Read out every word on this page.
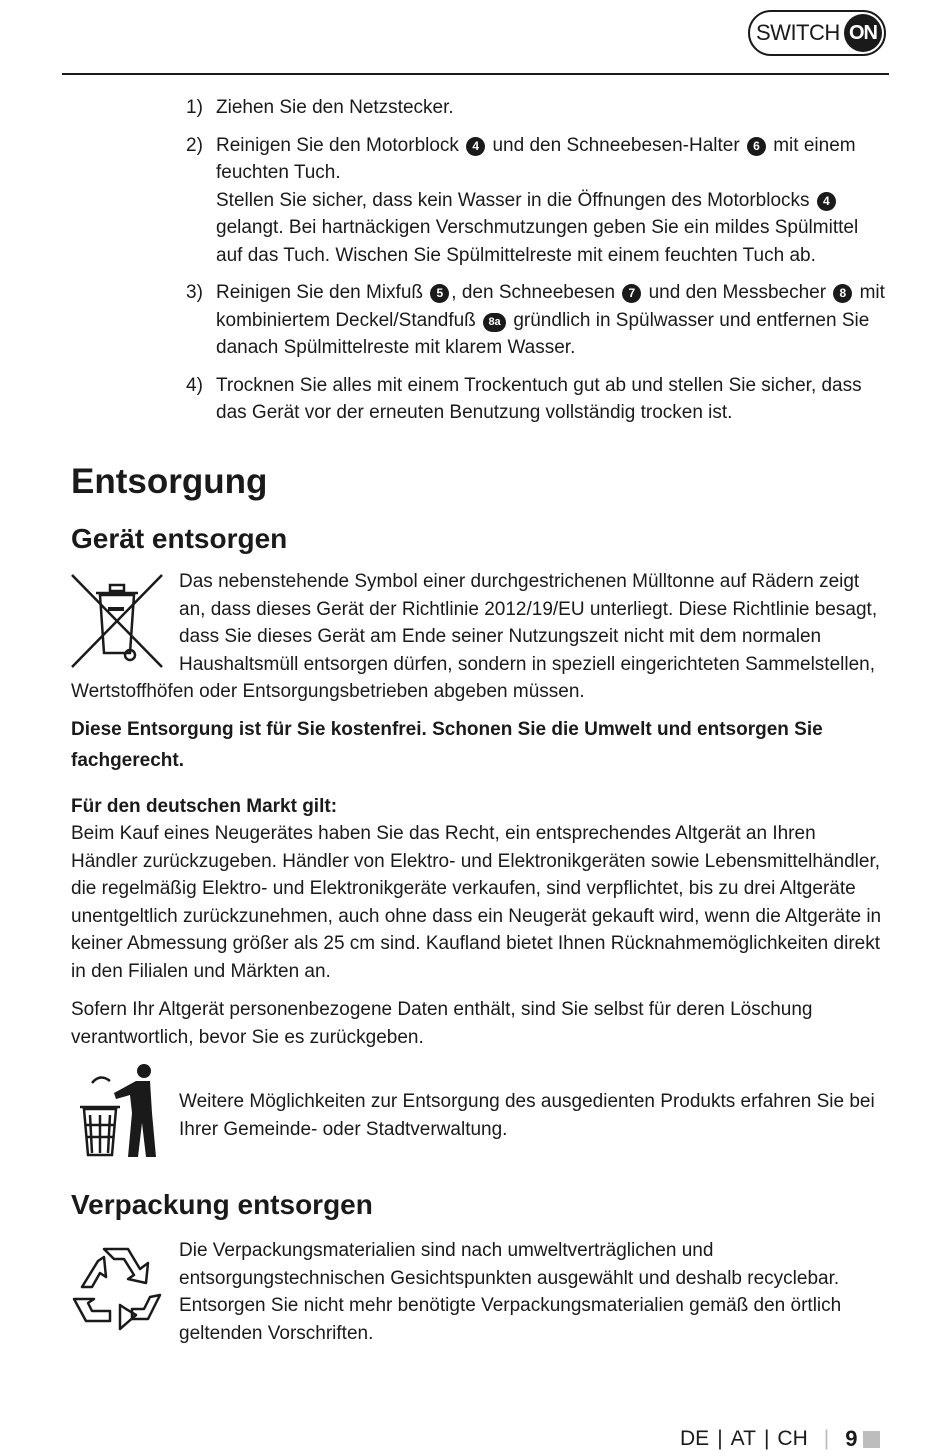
SWITCH ON
1) Ziehen Sie den Netzstecker.
2) Reinigen Sie den Motorblock 4 und den Schneebesen-Halter 6 mit einem feuchten Tuch.
Stellen Sie sicher, dass kein Wasser in die Öffnungen des Motorblocks 4 gelangt. Bei hartnäckigen Verschmutzungen geben Sie ein mildes Spülmittel auf das Tuch. Wischen Sie Spülmittelreste mit einem feuchten Tuch ab.
3) Reinigen Sie den Mixfuß 5 , den Schneebesen 7 und den Messbecher 8 mit kombiniertem Deckel/Standfuß 8a gründlich in Spülwasser und entfernen Sie danach Spülmittelreste mit klarem Wasser.
4) Trocknen Sie alles mit einem Trockentuch gut ab und stellen Sie sicher, dass das Gerät vor der erneuten Benutzung vollständig trocken ist.
Entsorgung
Gerät entsorgen

Das nebenstehende Symbol einer durchgestrichenen Mülltonne auf Rädern zeigt an, dass dieses Gerät der Richtlinie 2012/19/EU unterliegt. Diese Richtlinie besagt, dass Sie dieses Gerät am Ende seiner Nutzungszeit nicht mit dem normalen Haushaltsmüll entsorgen dürfen, sondern in speziell eingerichteten Sammelstellen, Wertstoffhöfen oder Entsorgungsbetrieben abgeben müssen.

Diese Entsorgung ist für Sie kostenfrei. Schonen Sie die Umwelt und entsorgen Sie fachgerecht.

Für den deutschen Markt gilt:

Beim Kauf eines Neugerätes haben Sie das Recht, ein entsprechendes Altgerät an Ihren Händler zurückzugeben. Händler von Elektro- und Elektronikgeräten sowie Lebensmittelhändler, die regelmäßig Elektro- und Elektronikgeräte verkaufen, sind verpflichtet, bis zu drei Altgeräte unentgeltlich zurückzunehmen, auch ohne dass ein Neugerät gekauft wird, wenn die Altgeräte in keiner Abmessung größer als 25 cm sind. Kaufland bietet Ihnen Rücknahmemöglichkeiten direkt in den Filialen und Märkten an.

Sofern Ihr Altgerät personenbezogene Daten enthält, sind Sie selbst für deren Löschung verantwortlich, bevor Sie es zurückgeben.

Weitere Möglichkeiten zur Entsorgung des ausgedienten Produkts erfahren Sie bei Ihrer Gemeinde- oder Stadtverwaltung.

Verpackung entsorgen

Die Verpackungsmaterialien sind nach umweltverträglichen und entsorgungstechnischen Gesichtspunkten ausgewählt und deshalb recyclebar. Entsorgen Sie nicht mehr benötigte Verpackungsmaterialien gemäß den örtlich geltenden Vorschriften.

DE | AT | CH | 9
